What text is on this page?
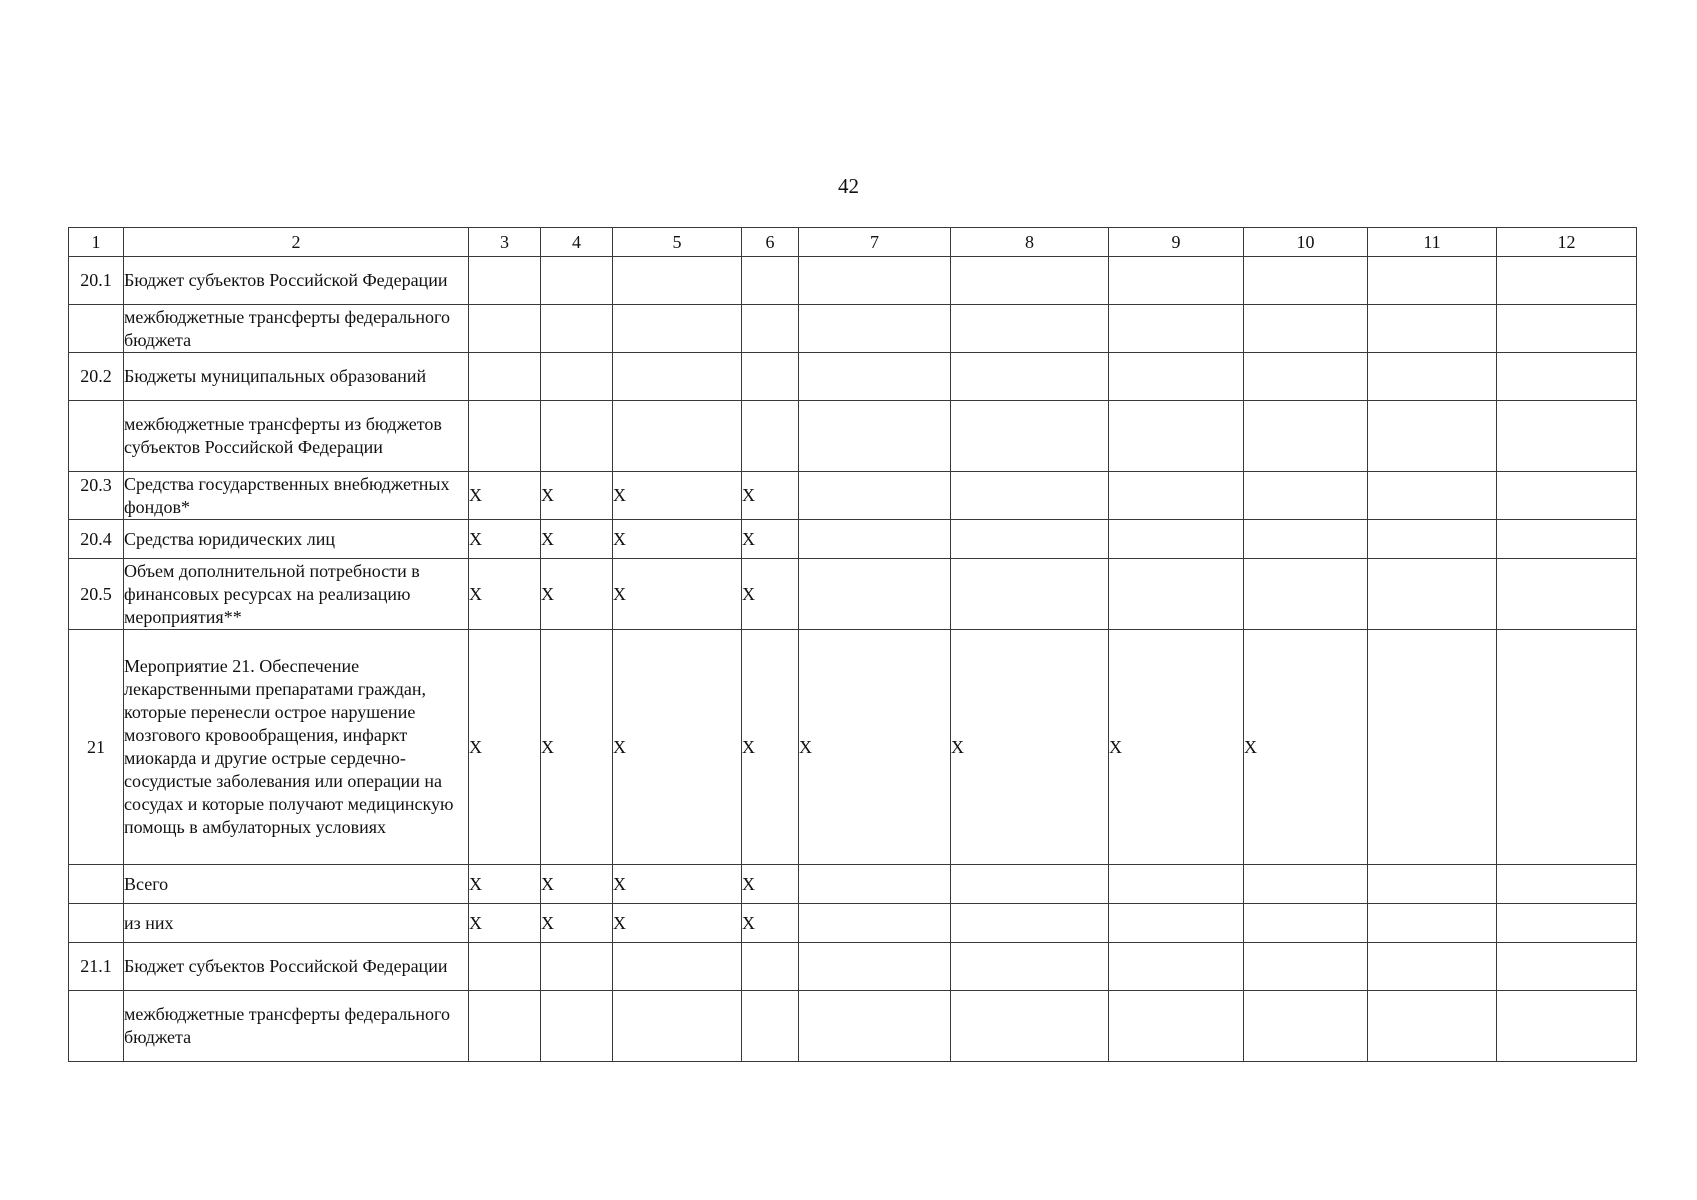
42
1	2	3	4	5	6	7	8	9	10	11	12
20.1	Бюджет субъектов Российской Федерации										
	межбюджетные трансферты федерального бюджета										
20.2	Бюджеты муниципальных образований										
	межбюджетные трансферты из бюджетов субъектов Российской Федерации										
20.3	Средства государственных внебюджетных фондов*	X	X	X	X						
20.4	Средства юридических лиц	X	X	X	X						
20.5	Объем дополнительной потребности в финансовых ресурсах на реализацию мероприятия**	X	X	X	X						
21	Мероприятие 21. Обеспечение лекарственными препаратами граждан, которые перенесли острое нарушение мозгового кровообращения, инфаркт миокарда и другие острые сердечно-сосудистые заболевания или операции на сосудах и которые получают медицинскую помощь в амбулаторных условиях	X	X	X	X	X	X	X	X		
	Всего	X	X	X	X						
	из них	X	X	X	X						
21.1	Бюджет субъектов Российской Федерации										
	межбюджетные трансферты федерального бюджета										
